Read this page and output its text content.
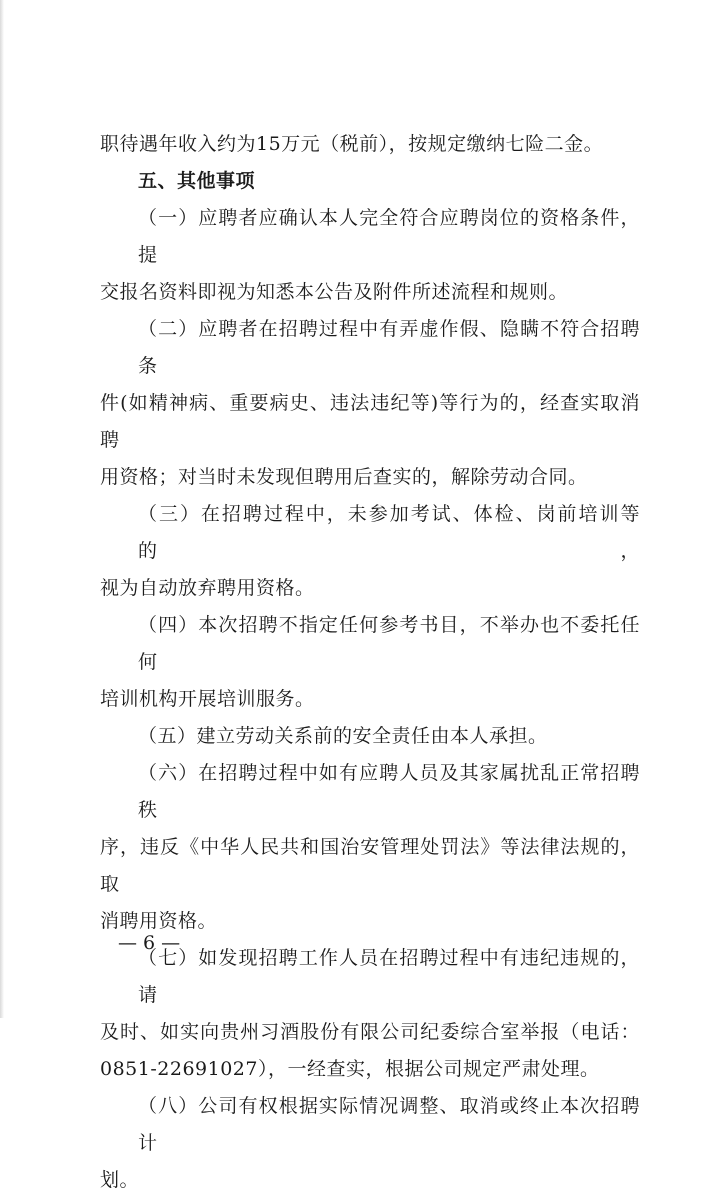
职待遇年收入约为15万元（税前），按规定缴纳七险二金。
五、其他事项
（一）应聘者应确认本人完全符合应聘岗位的资格条件，提
交报名资料即视为知悉本公告及附件所述流程和规则。
（二）应聘者在招聘过程中有弄虚作假、隐瞒不符合招聘条
件(如精神病、重要病史、违法违纪等)等行为的，经查实取消聘
用资格；对当时未发现但聘用后查实的，解除劳动合同。
（三）在招聘过程中，未参加考试、体检、岗前培训等的，
视为自动放弃聘用资格。
（四）本次招聘不指定任何参考书目，不举办也不委托任何
培训机构开展培训服务。
（五）建立劳动关系前的安全责任由本人承担。
（六）在招聘过程中如有应聘人员及其家属扰乱正常招聘秩
序，违反《中华人民共和国治安管理处罚法》等法律法规的，取
消聘用资格。
（七）如发现招聘工作人员在招聘过程中有违纪违规的，请
及时、如实向贵州习酒股份有限公司纪委综合室举报（电话：
0851-22691027），一经查实，根据公司规定严肃处理。
（八）公司有权根据实际情况调整、取消或终止本次招聘计
划。
— 6 —
